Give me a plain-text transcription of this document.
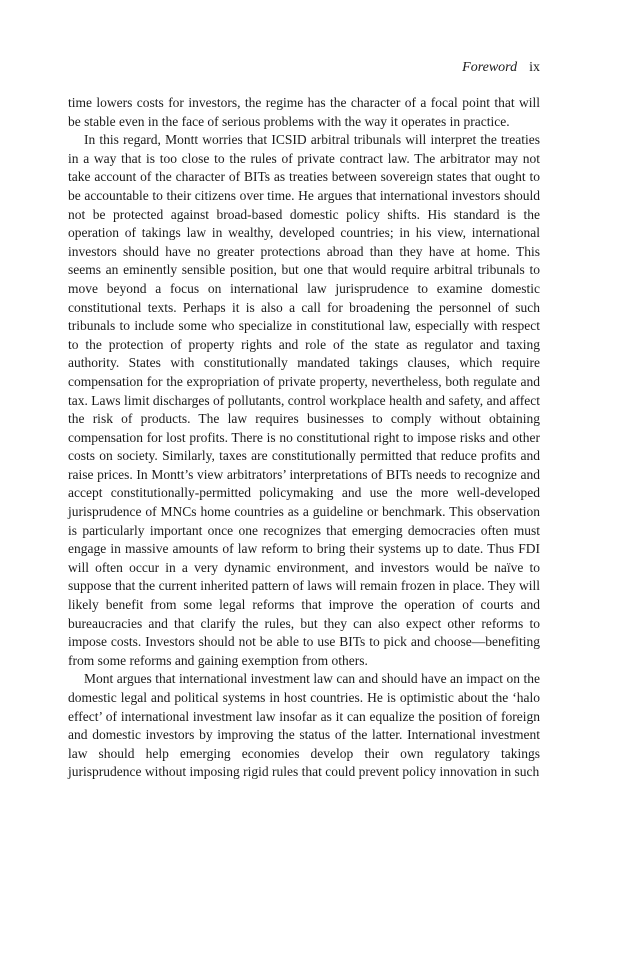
Foreword ix

time lowers costs for investors, the regime has the character of a focal point that will be stable even in the face of serious problems with the way it operates in practice.

In this regard, Montt worries that ICSID arbitral tribunals will interpret the treaties in a way that is too close to the rules of private contract law. The arbitrator may not take account of the character of BITs as treaties between sovereign states that ought to be accountable to their citizens over time. He argues that international investors should not be protected against broad-based domestic policy shifts. His standard is the operation of takings law in wealthy, developed countries; in his view, international investors should have no greater protections abroad than they have at home. This seems an eminently sensible position, but one that would require arbitral tribunals to move beyond a focus on international law jurisprudence to examine domestic constitutional texts. Perhaps it is also a call for broadening the personnel of such tribunals to include some who specialize in constitutional law, especially with respect to the protection of property rights and role of the state as regulator and taxing authority. States with constitutionally mandated takings clauses, which require compensation for the expropriation of private property, nevertheless, both regulate and tax. Laws limit discharges of pollutants, control workplace health and safety, and affect the risk of products. The law requires businesses to comply without obtaining compensation for lost profits. There is no constitutional right to impose risks and other costs on society. Similarly, taxes are constitutionally permitted that reduce profits and raise prices. In Montt’s view arbitrators’ interpretations of BITs needs to recognize and accept constitutionally-permitted policymaking and use the more well-developed jurisprudence of MNCs home countries as a guideline or benchmark. This observation is particularly important once one recognizes that emerging democracies often must engage in massive amounts of law reform to bring their systems up to date. Thus FDI will often occur in a very dynamic environment, and investors would be naïve to suppose that the current inherited pattern of laws will remain frozen in place. They will likely benefit from some legal reforms that improve the operation of courts and bureaucracies and that clarify the rules, but they can also expect other reforms to impose costs. Investors should not be able to use BITs to pick and choose—benefiting from some reforms and gaining exemption from others.

Mont argues that international investment law can and should have an impact on the domestic legal and political systems in host countries. He is optimistic about the ‘halo effect’ of international investment law insofar as it can equalize the position of foreign and domestic investors by improving the status of the latter. International investment law should help emerging economies develop their own regulatory takings jurisprudence without imposing rigid rules that could prevent policy innovation in such
